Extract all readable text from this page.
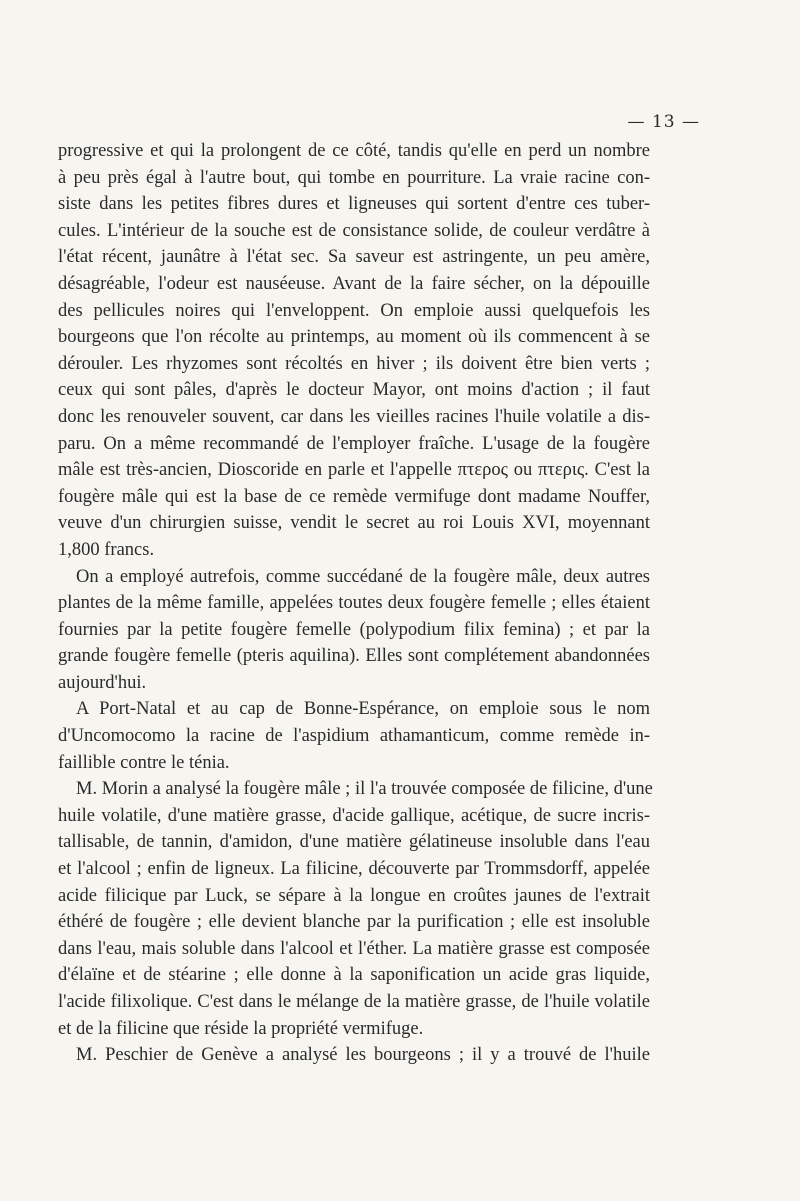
— 13 —
progressive et qui la prolongent de ce côté, tandis qu'elle en perd un nombre
à peu près égal à l'autre bout, qui tombe en pourriture. La vraie racine con-
siste dans les petites fibres dures et ligneuses qui sortent d'entre ces tuber-
cules. L'intérieur de la souche est de consistance solide, de couleur verdâtre à
l'état récent, jaunâtre à l'état sec. Sa saveur est astringente, un peu amère,
désagréable, l'odeur est nauséeuse. Avant de la faire sécher, on la dépouille
des pellicules noires qui l'enveloppent. On emploie aussi quelquefois les
bourgeons que l'on récolte au printemps, au moment où ils commencent à se
dérouler. Les rhyzomes sont récoltés en hiver ; ils doivent être bien verts ;
ceux qui sont pâles, d'après le docteur Mayor, ont moins d'action ; il faut
donc les renouveler souvent, car dans les vieilles racines l'huile volatile a dis-
paru. On a même recommandé de l'employer fraîche. L'usage de la fougère
mâle est très-ancien, Dioscoride en parle et l'appelle πτερος ou πτερις. C'est la
fougère mâle qui est la base de ce remède vermifuge dont madame Nouffer,
veuve d'un chirurgien suisse, vendit le secret au roi Louis XVI, moyennant
1,800 francs.
On a employé autrefois, comme succédané de la fougère mâle, deux autres
plantes de la même famille, appelées toutes deux fougère femelle ; elles étaient
fournies par la petite fougère femelle (polypodium filix femina) ; et par la
grande fougère femelle (pteris aquilina). Elles sont complétement abandonnées
aujourd'hui.
A Port-Natal et au cap de Bonne-Espérance, on emploie sous le nom
d'Uncomocomo la racine de l'aspidium athamanticum, comme remède in-
faillible contre le ténia.
M. Morin a analysé la fougère mâle ; il l'a trouvée composée de filicine, d'une
huile volatile, d'une matière grasse, d'acide gallique, acétique, de sucre incris-
tallisable, de tannin, d'amidon, d'une matière gélatineuse insoluble dans l'eau
et l'alcool ; enfin de ligneux. La filicine, découverte par Trommsdorff, appelée
acide filicique par Luck, se sépare à la longue en croûtes jaunes de l'extrait
éthéré de fougère ; elle devient blanche par la purification ; elle est insoluble
dans l'eau, mais soluble dans l'alcool et l'éther. La matière grasse est composée
d'élaïne et de stéarine ; elle donne à la saponification un acide gras liquide,
l'acide filixolique. C'est dans le mélange de la matière grasse, de l'huile volatile
et de la filicine que réside la propriété vermifuge.
M. Peschier de Genève a analysé les bourgeons ; il y a trouvé de l'huile
